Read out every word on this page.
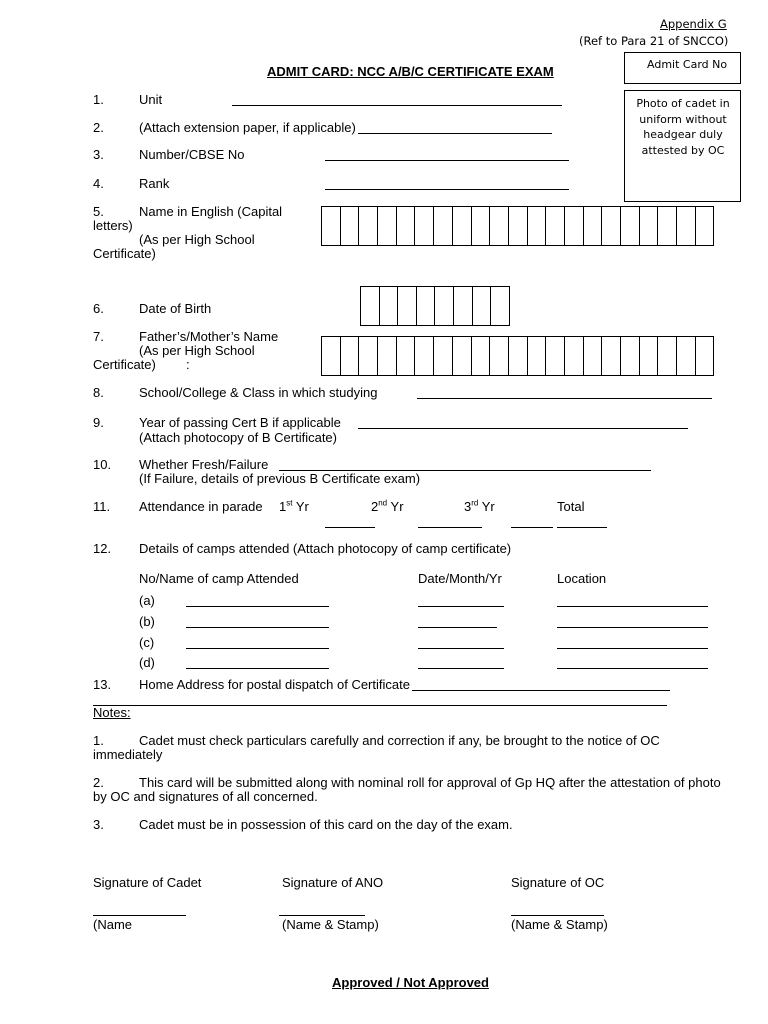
Appendix G
(Ref to Para 21 of SNCCO)
ADMIT CARD: NCC A/B/C CERTIFICATE EXAM	Admit Card No
Photo of cadet in uniform without headgear duly attested by OC
1.	Unit
2.	(Attach extension paper, if applicable)
3.	Number/CBSE No
4.	Rank
5.	Name in English (Capital
letters)
(As per High School
Certificate)
6.	Date of Birth
7.	Father’s/Mother’s Name
(As per High School
Certificate) :
8.	School/College & Class in which studying
9.	Year of passing Cert B if applicable
(Attach photocopy of B Certificate)
10. Whether Fresh/Failure
(If Failure, details of previous B Certificate exam)
11. Attendance in parade 1st Yr	2nd Yr	3rd Yr	Total
12. Details of camps attended (Attach photocopy of camp certificate)
No/Name of camp Attended	Date/Month/Yr	Location
(a)
(b)
(c)
(d)
13. Home Address for postal dispatch of Certificate
Notes:
1.	Cadet must check particulars carefully and correction if any, be brought to the notice of OC
immediately
2.	This card will be submitted along with nominal roll for approval of Gp HQ after the attestation of photo
by OC and signatures of all concerned.
3.	Cadet must be in possession of this card on the day of the exam.
Signature of Cadet	Signature of ANO	Signature of OC
(Name	(Name & Stamp)	(Name & Stamp)
Approved / Not Approved
